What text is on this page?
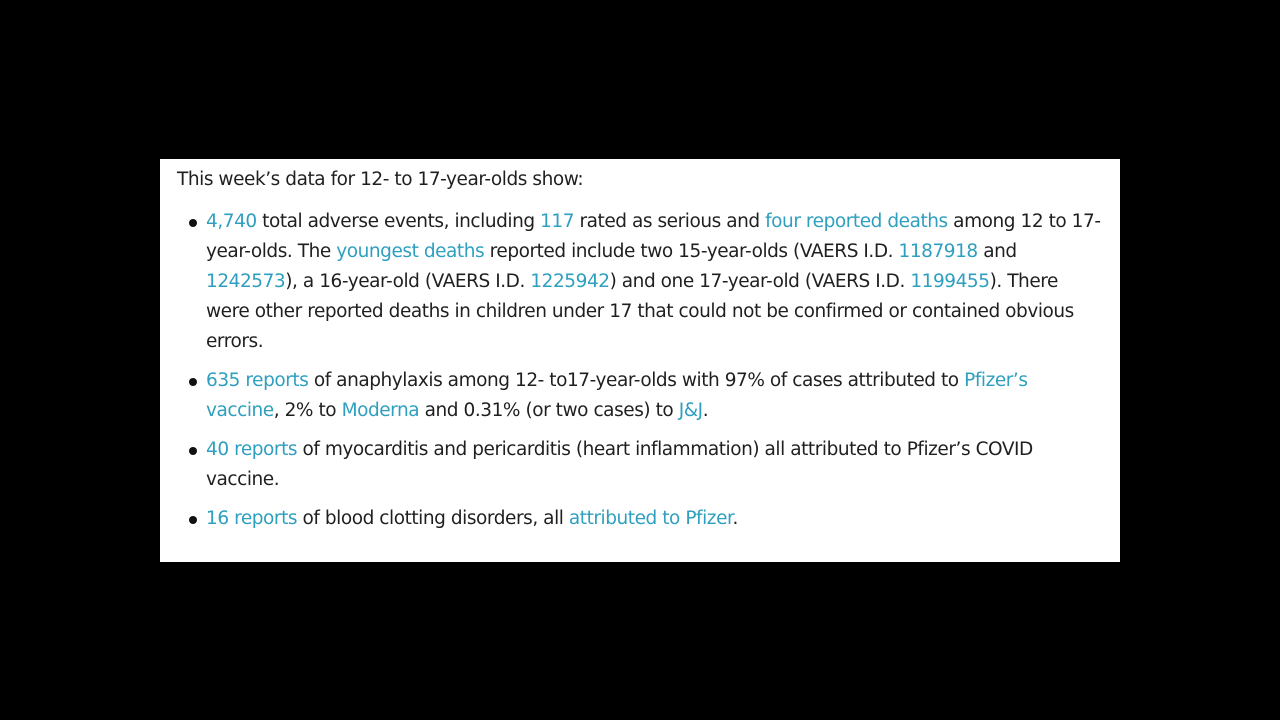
This week’s data for 12- to 17-year-olds show:

4,740 total adverse events, including 117 rated as serious and four reported deaths among 12 to 17-year-olds. The youngest deaths reported include two 15-year-olds (VAERS I.D. 1187918 and 1242573), a 16-year-old (VAERS I.D. 1225942) and one 17-year-old (VAERS I.D. 1199455). There were other reported deaths in children under 17 that could not be confirmed or contained obvious errors.
635 reports of anaphylaxis among 12- to17-year-olds with 97% of cases attributed to Pfizer’s vaccine, 2% to Moderna and 0.31% (or two cases) to J&J.
40 reports of myocarditis and pericarditis (heart inflammation) all attributed to Pfizer’s COVID vaccine.
16 reports of blood clotting disorders, all attributed to Pfizer.
